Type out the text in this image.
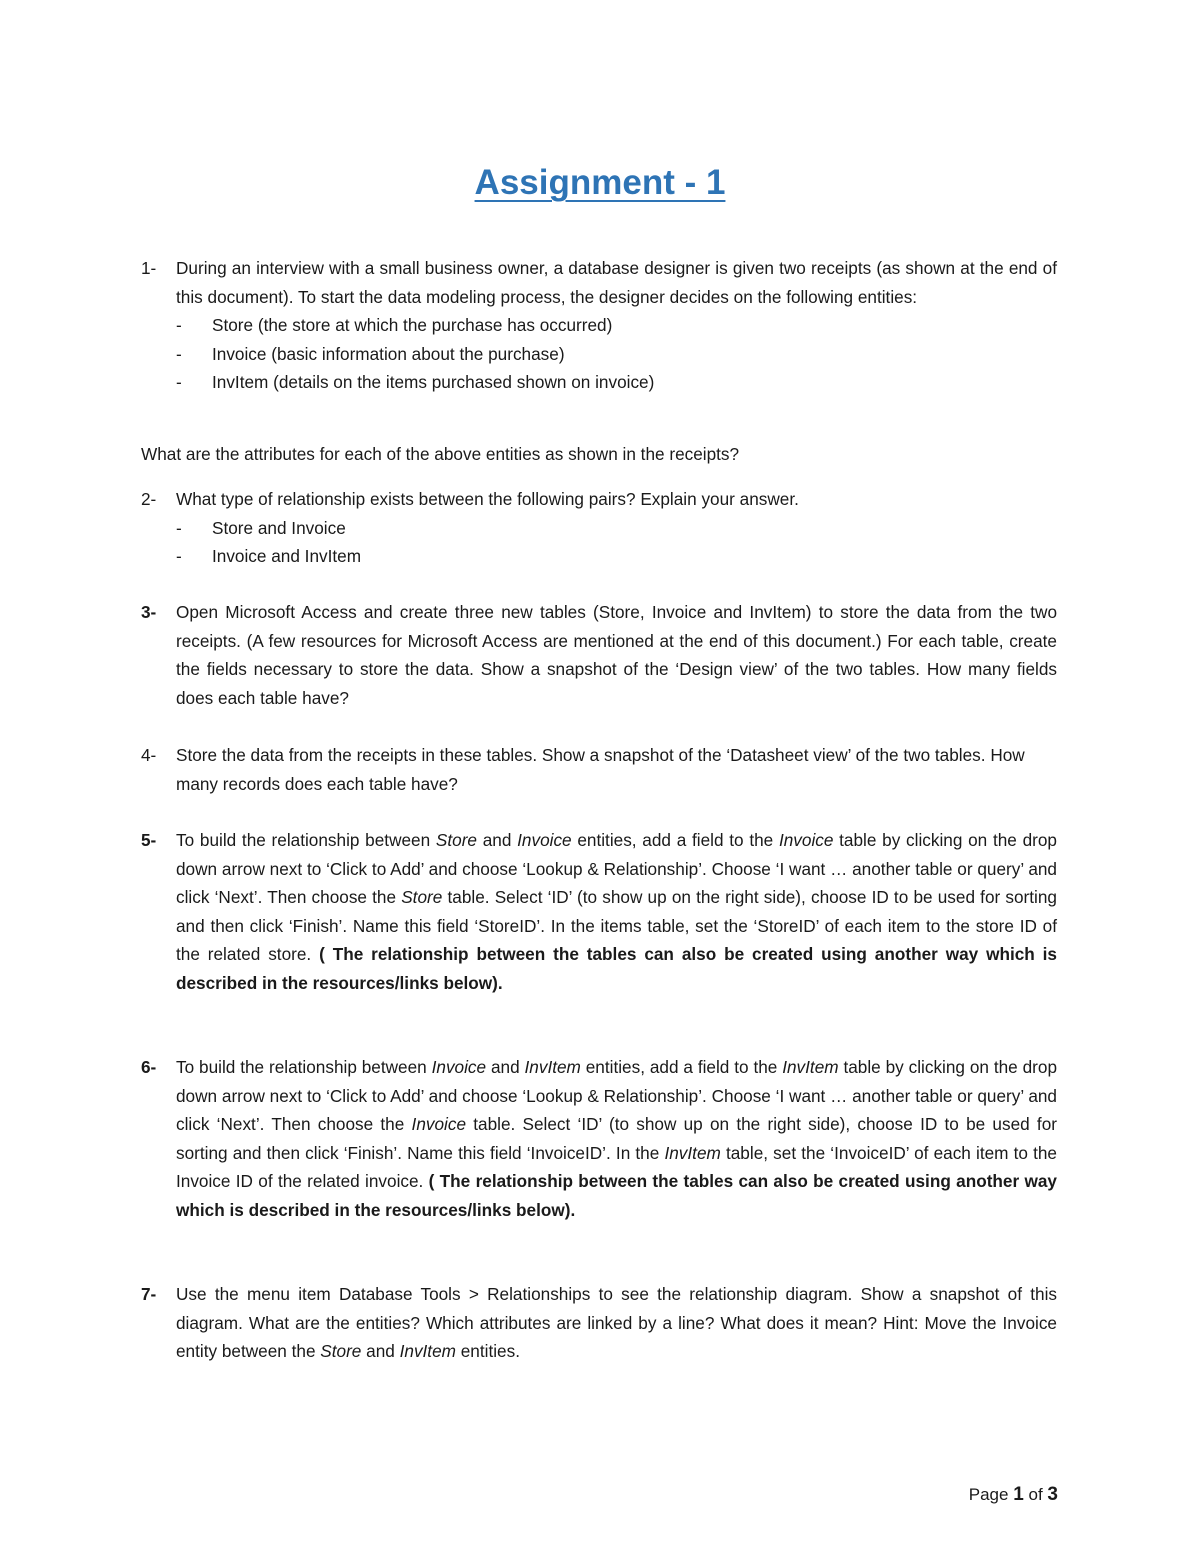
Assignment - 1
1-	During an interview with a small business owner, a database designer is given two receipts (as shown at the end of this document). To start the data modeling process, the designer decides on the following entities:
- Store (the store at which the purchase has occurred)
- Invoice (basic information about the purchase)
- InvItem (details on the items purchased shown on invoice)
What are the attributes for each of the above entities as shown in the receipts?
2-	What type of relationship exists between the following pairs? Explain your answer.
- Store and Invoice
- Invoice and InvItem
3-	Open Microsoft Access and create three new tables (Store, Invoice and InvItem) to store the data from the two receipts. (A few resources for Microsoft Access are mentioned at the end of this document.) For each table, create the fields necessary to store the data. Show a snapshot of the ‘Design view’ of the two tables. How many fields does each table have?
4-	Store the data from the receipts in these tables. Show a snapshot of the ‘Datasheet view’ of the two tables. How many records does each table have?
5-	To build the relationship between Store and Invoice entities, add a field to the Invoice table by clicking on the drop down arrow next to ‘Click to Add’ and choose ‘Lookup & Relationship’. Choose ‘I want … another table or query’ and click ‘Next’. Then choose the Store table. Select ‘ID’ (to show up on the right side), choose ID to be used for sorting and then click ‘Finish’. Name this field ‘StoreID’. In the items table, set the ‘StoreID’ of each item to the store ID of the related store. ( The relationship between the tables can also be created using another way which is described in the resources/links below).
6-	To build the relationship between Invoice and InvItem entities, add a field to the InvItem table by clicking on the drop down arrow next to ‘Click to Add’ and choose ‘Lookup & Relationship’. Choose ‘I want … another table or query’ and click ‘Next’. Then choose the Invoice table. Select ‘ID’ (to show up on the right side), choose ID to be used for sorting and then click ‘Finish’. Name this field ‘InvoiceID’. In the InvItem table, set the ‘InvoiceID’ of each item to the Invoice ID of the related invoice. ( The relationship between the tables can also be created using another way which is described in the resources/links below).
7-	Use the menu item Database Tools > Relationships to see the relationship diagram. Show a snapshot of this diagram. What are the entities? Which attributes are linked by a line? What does it mean? Hint: Move the Invoice entity between the Store and InvItem entities.
Page 1 of 3
